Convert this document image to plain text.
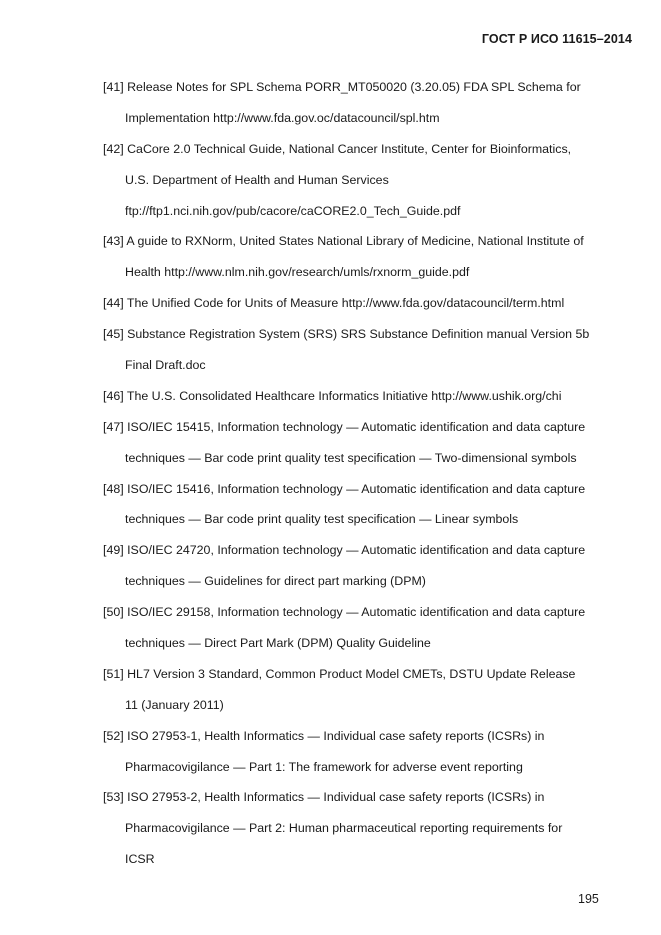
ГОСТ Р ИСО 11615–2014
[41] Release Notes for SPL Schema PORR_MT050020 (3.20.05) FDA SPL Schema for
Implementation http://www.fda.gov.oc/datacouncil/spl.htm
[42] CaCore 2.0 Technical Guide, National Cancer Institute, Center for Bioinformatics,
U.S. Department of Health and Human Services
ftp://ftp1.nci.nih.gov/pub/cacore/caCORE2.0_Tech_Guide.pdf
[43] A guide to RXNorm, United States National Library of Medicine, National Institute of
Health http://www.nlm.nih.gov/research/umls/rxnorm_guide.pdf
[44] The Unified Code for Units of Measure http://www.fda.gov/datacouncil/term.html
[45] Substance Registration System (SRS) SRS Substance Definition manual Version 5b
Final Draft.doc
[46] The U.S. Consolidated Healthcare Informatics Initiative http://www.ushik.org/chi
[47] ISO/IEC 15415, Information technology — Automatic identification and data capture
techniques — Bar code print quality test specification — Two-dimensional symbols
[48] ISO/IEC 15416, Information technology — Automatic identification and data capture
techniques — Bar code print quality test specification — Linear symbols
[49] ISO/IEC 24720, Information technology — Automatic identification and data capture
techniques — Guidelines for direct part marking (DPM)
[50] ISO/IEC 29158, Information technology — Automatic identification and data capture
techniques — Direct Part Mark (DPM) Quality Guideline
[51] HL7 Version 3 Standard, Common Product Model CMETs, DSTU Update Release
11 (January 2011)
[52] ISO 27953-1, Health Informatics — Individual case safety reports (ICSRs) in
Pharmacovigilance — Part 1: The framework for adverse event reporting
[53] ISO 27953-2, Health Informatics — Individual case safety reports (ICSRs) in
Pharmacovigilance — Part 2: Human pharmaceutical reporting requirements for
ICSR
195
